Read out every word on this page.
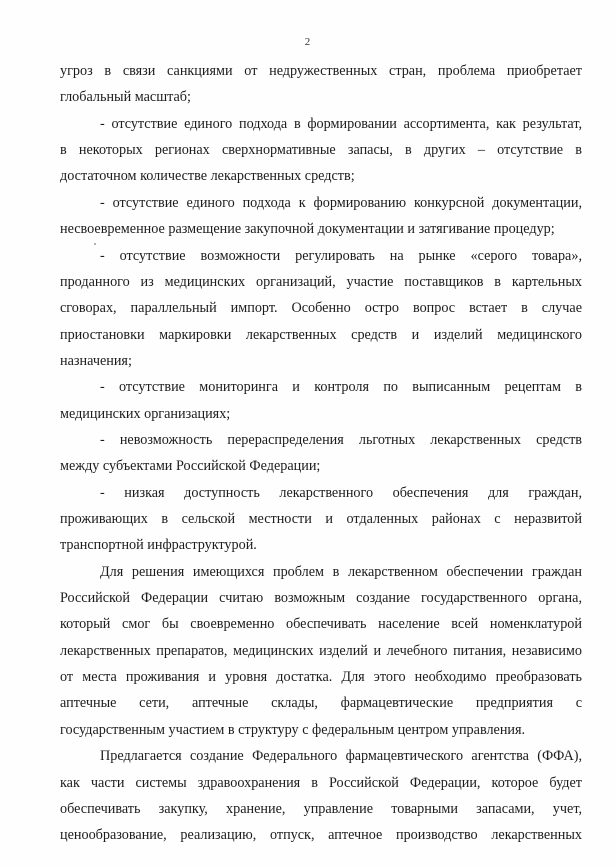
2
угроз в связи санкциями от недружественных стран, проблема приобретает
глобальный масштаб;
- отсутствие единого подхода в формировании ассортимента, как результат,
в некоторых регионах сверхнормативные запасы, в других – отсутствие в
достаточном количестве лекарственных средств;
- отсутствие единого подхода к формированию конкурсной документации,
несвоевременное размещение закупочной документации и затягивание процедур;
- отсутствие возможности регулировать на рынке «серого товара»,
проданного из медицинских организаций, участие поставщиков в картельных
сговорах, параллельный импорт. Особенно остро вопрос встает в случае
приостановки маркировки лекарственных средств и изделий медицинского
назначения;
- отсутствие мониторинга и контроля по выписанным рецептам в
медицинских организациях;
- невозможность перераспределения льготных лекарственных средств
между субъектами Российской Федерации;
- низкая доступность лекарственного обеспечения для граждан,
проживающих в сельской местности и отдаленных районах с неразвитой
транспортной инфраструктурой.
Для решения имеющихся проблем в лекарственном обеспечении граждан
Российской Федерации считаю возможным создание государственного органа,
который смог бы своевременно обеспечивать население всей номенклатурой
лекарственных препаратов, медицинских изделий и лечебного питания, независимо
от места проживания и уровня достатка. Для этого необходимо преобразовать
аптечные сети, аптечные склады, фармацевтические предприятия с
государственным участием в структуру с федеральным центром управления.
Предлагается создание Федерального фармацевтического агентства (ФФА),
как части системы здравоохранения в Российской Федерации, которое будет
обеспечивать закупку, хранение, управление товарными запасами, учет,
ценообразование, реализацию, отпуск, аптечное производство лекарственных
